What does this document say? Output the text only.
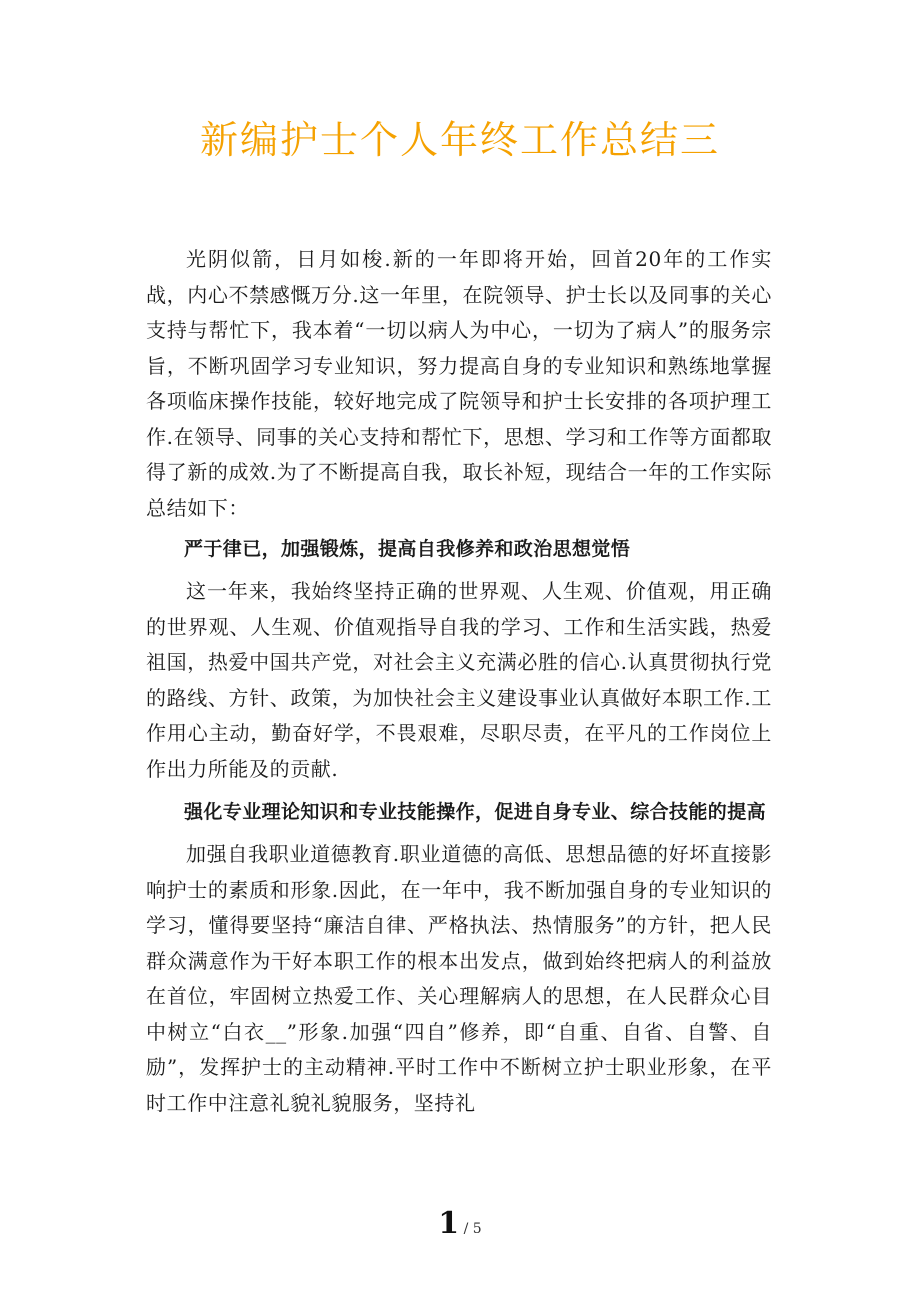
新编护士个人年终工作总结三

光阴似箭，日月如梭.新的一年即将开始，回首20年的工作实战，内心不禁感慨万分.这一年里，在院领导、护士长以及同事的关心支持与帮忙下，我本着“一切以病人为中心，一切为了病人”的服务宗旨，不断巩固学习专业知识，努力提高自身的专业知识和熟练地掌握各项临床操作技能，较好地完成了院领导和护士长安排的各项护理工作.在领导、同事的关心支持和帮忙下，思想、学习和工作等方面都取得了新的成效.为了不断提高自我，取长补短，现结合一年的工作实际总结如下：

严于律已，加强锻炼，提高自我修养和政治思想觉悟

这一年来，我始终坚持正确的世界观、人生观、价值观，用正确的世界观、人生观、价值观指导自我的学习、工作和生活实践，热爱祖国，热爱中国共产党，对社会主义充满必胜的信心.认真贯彻执行党的路线、方针、政策，为加快社会主义建设事业认真做好本职工作.工作用心主动，勤奋好学，不畏艰难，尽职尽责，在平凡的工作岗位上作出力所能及的贡献.

强化专业理论知识和专业技能操作，促进自身专业、综合技能的提高

加强自我职业道德教育.职业道德的高低、思想品德的好坏直接影响护士的素质和形象.因此，在一年中，我不断加强自身的专业知识的学习，懂得要坚持“廉洁自律、严格执法、热情服务”的方针，把人民群众满意作为干好本职工作的根本出发点，做到始终把病人的利益放在首位，牢固树立热爱工作、关心理解病人的思想，在人民群众心目中树立“白衣__”形象.加强“四自”修养，即“自重、自省、自警、自励”，发挥护士的主动精神.平时工作中不断树立护士职业形象，在平时工作中注意礼貌礼貌服务，坚持礼

1 / 5
